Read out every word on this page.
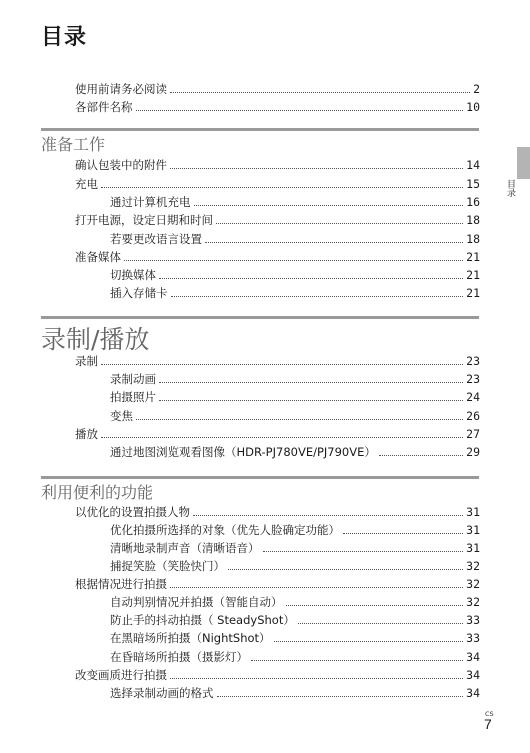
目录
使用前请务必阅读	2
各部件名称	10
准备工作
确认包装中的附件	14
充电	15
通过计算机充电	16
打开电源，设定日期和时间	18
若要更改语言设置	18
准备媒体	21
切换媒体	21
插入存储卡	21
录制/播放
录制	23
录制动画	23
拍摄照片	24
变焦	26
播放	27
通过地图浏览观看图像（HDR-PJ780VE/PJ790VE）	29
利用便利的功能
以优化的设置拍摄人物	31
优化拍摄所选择的对象（优先人脸确定功能）	31
清晰地录制声音（清晰语音）	31
捕捉笑脸（笑脸快门）	32
根据情况进行拍摄	32
自动判别情况并拍摄（智能自动）	32
防止手的抖动拍摄（ SteadyShot）	33
在黑暗场所拍摄（NightShot）	33
在昏暗场所拍摄（摄影灯）	34
改变画质进行拍摄	34
选择录制动画的格式	34
目录
CS
7
